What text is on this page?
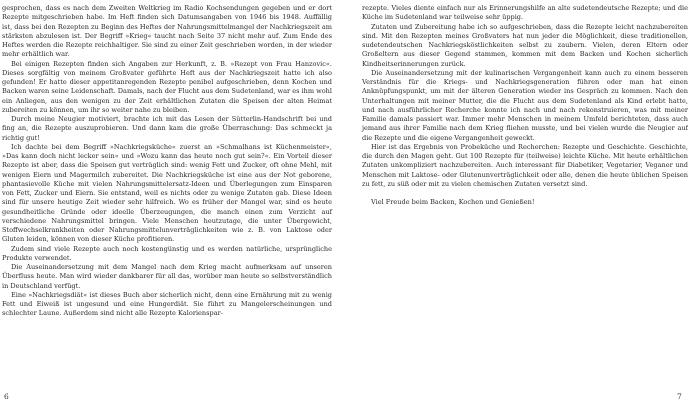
gesprochen, dass es nach dem Zweiten Weltkrieg im Radio Kochsendungen gegeben und er dort Rezepte mitgeschrieben habe. Im Heft finden sich Datumsangaben von 1946 bis 1948. Auffällig ist, dass bei den Rezepten zu Beginn des Heftes der Nahrungsmittelmangel der Nachkriegszeit am stärksten abzulesen ist. Der Begriff »Krieg« taucht nach Seite 37 nicht mehr auf. Zum Ende des Heftes werden die Rezepte reichhaltiger. Sie sind zu einer Zeit geschrieben worden, in der wieder mehr erhältlich war.

Bei einigen Rezepten finden sich Angaben zur Herkunft, z. B. »Rezept von Frau Hanzovic«. Dieses sorgfältig von meinem Großvater geführte Heft aus der Nachkriegszeit hatte ich also gefunden! Er hatte dieser appetitanregenden Rezepte penibel aufgeschrieben, denn Kochen und Backen waren seine Leidenschaft. Damals, nach der Flucht aus dem Sudetenland, war es ihm wohl ein Anliegen, aus den wenigen zu der Zeit erhältlichen Zutaten die Speisen der alten Heimat zubereiten zu können, um ihr so weiter nahe zu bleiben.

Durch meine Neugier motiviert, brachte ich mit das Lesen der Sütterlin-Handschrift bei und fing an, die Rezepte auszuprobieren. Und dann kam die große Überraschung: Das schmeckt ja richtig gut!

Ich dachte bei dem Begriff »Nachkriegsküche« zuerst an »Schmalhans ist Küchenmeister«, »Das kann doch nicht lecker sein« und »Wozu kann das heute noch gut sein?«. Ein Vorteil dieser Rezepte ist aber, dass die Speisen gut verträglich sind: wenig Fett und Zucker, oft ohne Mehl, mit wenigen Eiern und Magermilch zubereitet. Die Nachkriegsküche ist eine aus der Not geborene, phantasievolle Küche mit vielen Nahrungsmittelersatz-Ideen und Überlegungen zum Einsparen von Fett, Zucker und Eiern. Sie entstand, weil es nichts oder zu wenige Zutaten gab. Diese Ideen sind für unsere heutige Zeit wieder sehr hilfreich. Wo es früher der Mangel war, sind es heute gesundheitliche Gründe oder ideelle Überzeugungen, die manch einen zum Verzicht auf verschiedene Nahrungsmittel bringen. Viele Menschen heutzutage, die unter Übergewicht, Stoffwechselkrankheiten oder Nahrungsmittelunverträglichkeiten wie z. B. von Laktose oder Gluten leiden, können von dieser Küche profitieren.

Zudem sind viele Rezepte auch noch kostengünstig und es werden natürliche, ursprüngliche Produkte verwendet.

Die Auseinandersetzung mit dem Mangel nach dem Krieg macht aufmerksam auf unseren Überfluss heute. Man wird wieder dankbarer für all das, worüber man heute so selbstverständlich in Deutschland verfügt.

Eine »Nachkriegsdiät« ist dieses Buch aber sicherlich nicht, denn eine Ernährung mit zu wenig Fett und Eiweiß ist ungesund und eine Hungerdiät. Sie führt zu Mangelerscheinungen und schlechter Laune. Außerdem sind nicht alle Rezepte Kalorienspar-

rezepte. Vieles diente einfach nur als Erinnerungshilfe an alte sudetendeutsche Rezepte; und die Küche im Sudetenland war teilweise sehr üppig.

Zutaten und Zubereitung habe ich so aufgeschrieben, dass die Rezepte leicht nachzubereiten sind. Mit den Rezepten meines Großvaters hat nun jeder die Möglichkeit, diese traditionellen, sudetendeutschen Nachkriegsköstlichkeiten selbst zu zaubern. Vielen, deren Eltern oder Großeltern aus dieser Gegend stammen, kommen mit dem Backen und Kochen sicherlich Kindheitserinnerungen zurück.

Die Auseinandersetzung mit der kulinarischen Vergangenheit kann auch zu einem besseren Verständnis für die Kriegs- und Nachkriegsgeneration führen oder man hat einen Anknüpfungspunkt, um mit der älteren Generation wieder ins Gespräch zu kommen. Nach den Unterhaltungen mit meiner Mutter, die die Flucht aus dem Sudetenland als Kind erlebt hatte, und nach ausführlicher Recherche konnte ich nach und nach rekonstruieren, was mit meiner Familie damals passiert war. Immer mehr Menschen in meinem Umfeld berichteten, dass auch jemand aus ihrer Familie nach dem Krieg fliehen musste, und bei vielen wurde die Neugier auf die Rezepte und die eigene Vergangenheit geweckt.

Hier ist das Ergebnis von Probeküche und Recherchen: Rezepte und Geschichte. Geschichte, die durch den Magen geht. Gut 100 Rezepte für (teilweise) leichte Küche. Mit heute erhältlichen Zutaten unkompliziert nachzubereiten. Auch interessant für Diabetiker, Vegetarier, Veganer und Menschen mit Laktose- oder Glutenunverträglichkeit oder alle, denen die heute üblichen Speisen zu fett, zu süß oder mit zu vielen chemischen Zutaten versetzt sind.

Viel Freude beim Backen, Kochen und Genießen!

6	7
